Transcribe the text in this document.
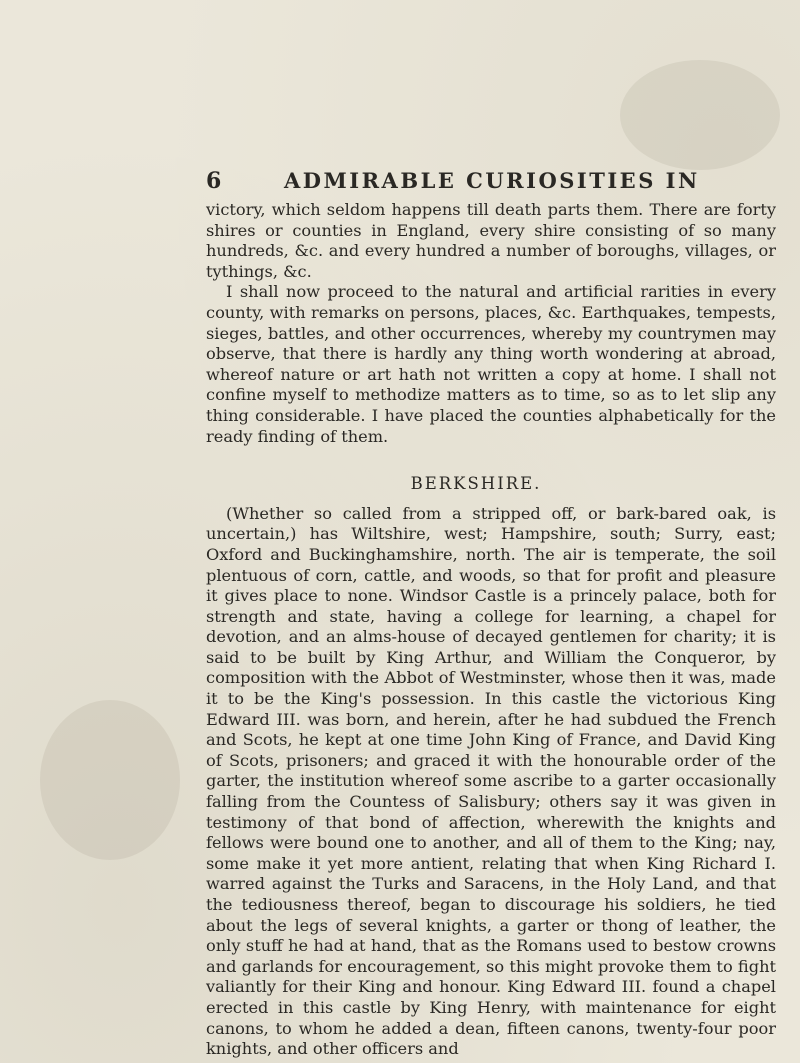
6	ADMIRABLE CURIOSITIES IN

victory, which seldom happens till death parts them. There are forty shires or counties in England, every shire consisting of so many hundreds, &c. and every hundred a number of boroughs, villages, or tythings, &c.

I shall now proceed to the natural and artificial rarities in every county, with remarks on persons, places, &c. Earthquakes, tempests, sieges, battles, and other occurrences, whereby my countrymen may observe, that there is hardly any thing worth wondering at abroad, whereof nature or art hath not written a copy at home. I shall not confine myself to methodize matters as to time, so as to let slip any thing considerable. I have placed the counties alphabetically for the ready finding of them.

BERKSHIRE.

(Whether so called from a stripped off, or bark-bared oak, is uncertain,) has Wiltshire, west; Hampshire, south; Surry, east; Oxford and Buckinghamshire, north. The air is temperate, the soil plentuous of corn, cattle, and woods, so that for profit and pleasure it gives place to none. Windsor Castle is a princely palace, both for strength and state, having a college for learning, a chapel for devotion, and an alms-house of decayed gentlemen for charity; it is said to be built by King Arthur, and William the Conqueror, by composition with the Abbot of Westminster, whose then it was, made it to be the King's possession. In this castle the victorious King Edward III. was born, and herein, after he had subdued the French and Scots, he kept at one time John King of France, and David King of Scots, prisoners; and graced it with the honourable order of the garter, the institution whereof some ascribe to a garter occasionally falling from the Countess of Salisbury; others say it was given in testimony of that bond of affection, wherewith the knights and fellows were bound one to another, and all of them to the King; nay, some make it yet more antient, relating that when King Richard I. warred against the Turks and Saracens, in the Holy Land, and that the tediousness thereof, began to discourage his soldiers, he tied about the legs of several knights, a garter or thong of leather, the only stuff he had at hand, that as the Romans used to bestow crowns and garlands for encouragement, so this might provoke them to fight valiantly for their King and honour. King Edward III. found a chapel erected in this castle by King Henry, with maintenance for eight canons, to whom he added a dean, fifteen canons, twenty-four poor knights, and other officers and
